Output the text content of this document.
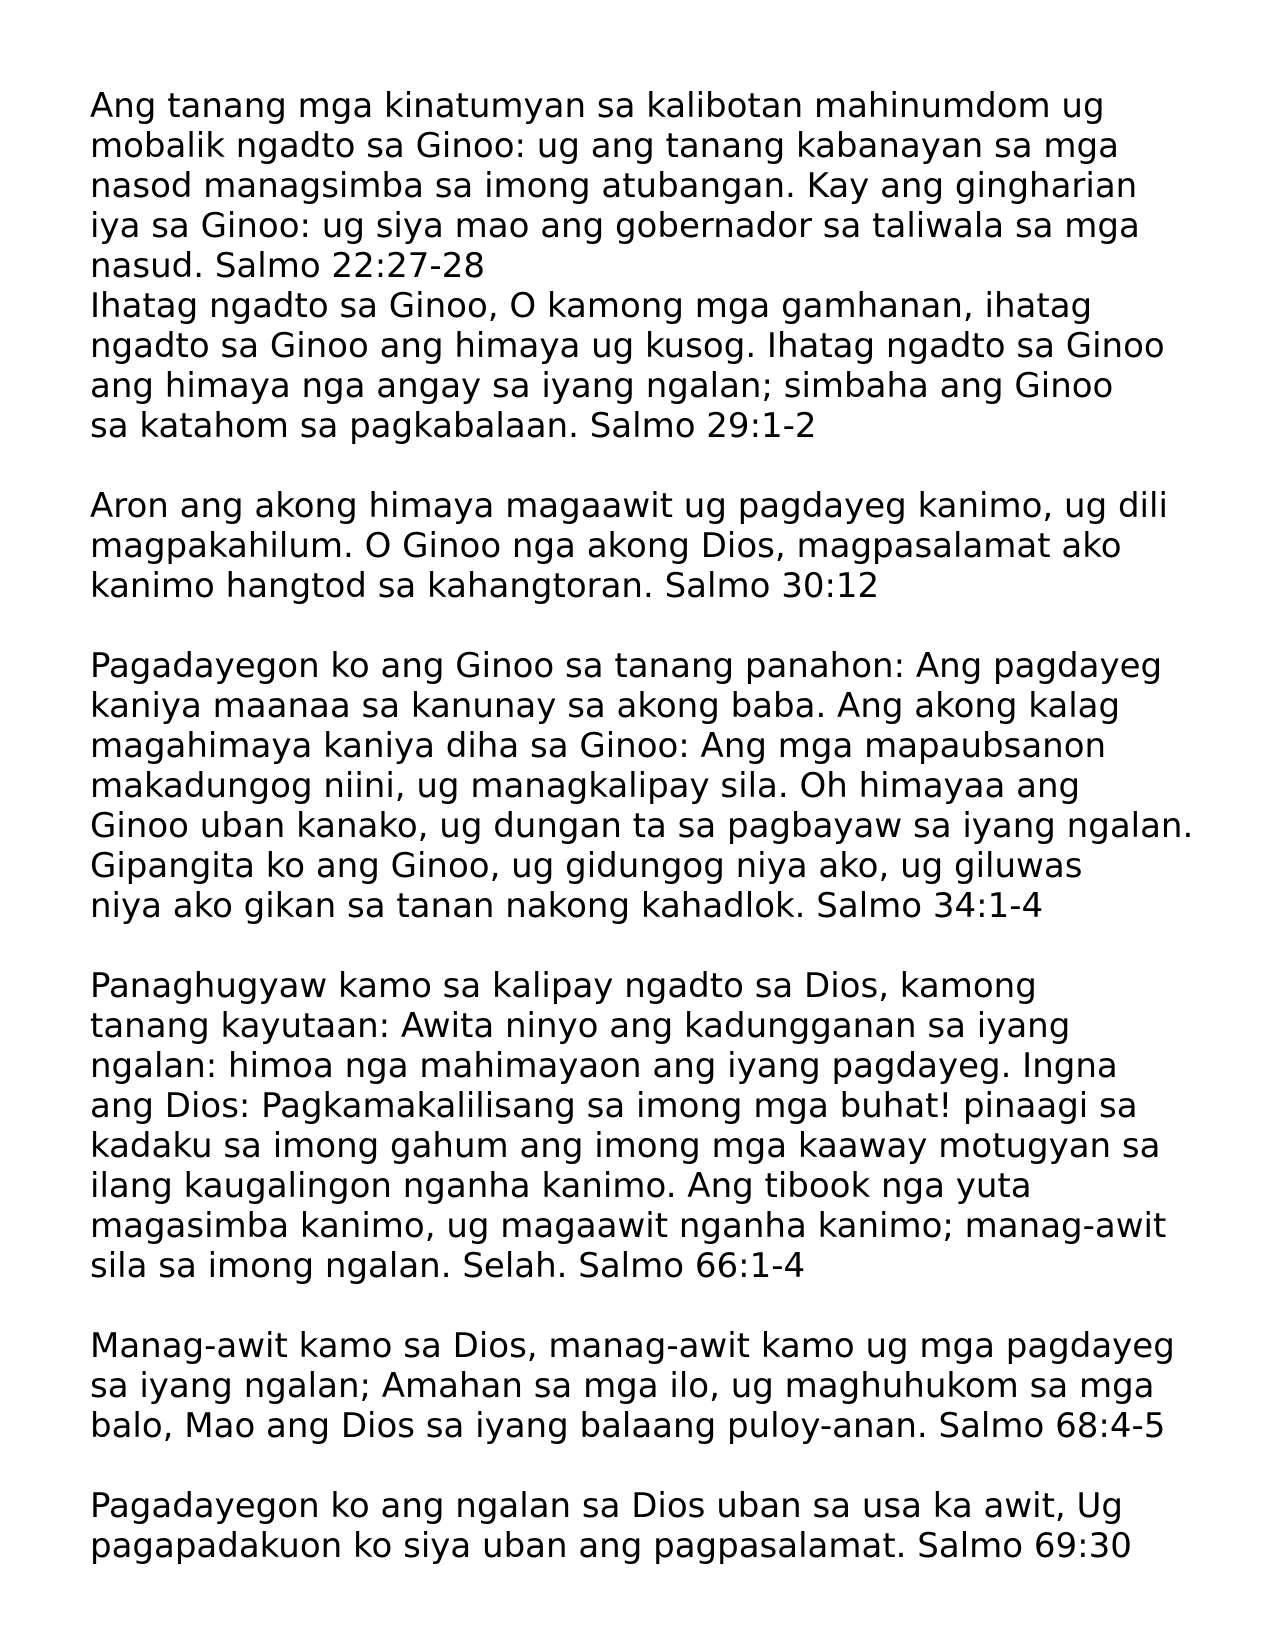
Ang tanang mga kinatumyan sa kalibotan mahinumdom ug
mobalik ngadto sa Ginoo: ug ang tanang kabanayan sa mga
nasod managsimba sa imong atubangan. Kay ang gingharian
iya sa Ginoo: ug siya mao ang gobernador sa taliwala sa mga
nasud. Salmo 22:27-28
Ihatag ngadto sa Ginoo, O kamong mga gamhanan, ihatag
ngadto sa Ginoo ang himaya ug kusog. Ihatag ngadto sa Ginoo
ang himaya nga angay sa iyang ngalan; simbaha ang Ginoo
sa katahom sa pagkabalaan. Salmo 29:1-2
Aron ang akong himaya magaawit ug pagdayeg kanimo, ug dili
magpakahilum. O Ginoo nga akong Dios, magpasalamat ako
kanimo hangtod sa kahangtoran. Salmo 30:12
Pagadayegon ko ang Ginoo sa tanang panahon: Ang pagdayeg
kaniya maanaa sa kanunay sa akong baba. Ang akong kalag
magahimaya kaniya diha sa Ginoo: Ang mga mapaubsanon
makadungog niini, ug managkalipay sila. Oh himayaa ang
Ginoo uban kanako, ug dungan ta sa pagbayaw sa iyang ngalan.
Gipangita ko ang Ginoo, ug gidungog niya ako, ug giluwas
niya ako gikan sa tanan nakong kahadlok. Salmo 34:1-4
Panaghugyaw kamo sa kalipay ngadto sa Dios, kamong
tanang kayutaan: Awita ninyo ang kadungganan sa iyang
ngalan: himoa nga mahimayaon ang iyang pagdayeg. Ingna
ang Dios: Pagkamakalilisang sa imong mga buhat! pinaagi sa
kadaku sa imong gahum ang imong mga kaaway motugyan sa
ilang kaugalingon nganha kanimo. Ang tibook nga yuta
magasimba kanimo, ug magaawit nganha kanimo; manag-awit
sila sa imong ngalan. Selah. Salmo 66:1-4
Manag-awit kamo sa Dios, manag-awit kamo ug mga pagdayeg
sa iyang ngalan; Amahan sa mga ilo, ug maghuhukom sa mga
balo, Mao ang Dios sa iyang balaang puloy-anan. Salmo 68:4-5
Pagadayegon ko ang ngalan sa Dios uban sa usa ka awit, Ug
pagapadakuon ko siya uban ang pagpasalamat. Salmo 69:30
